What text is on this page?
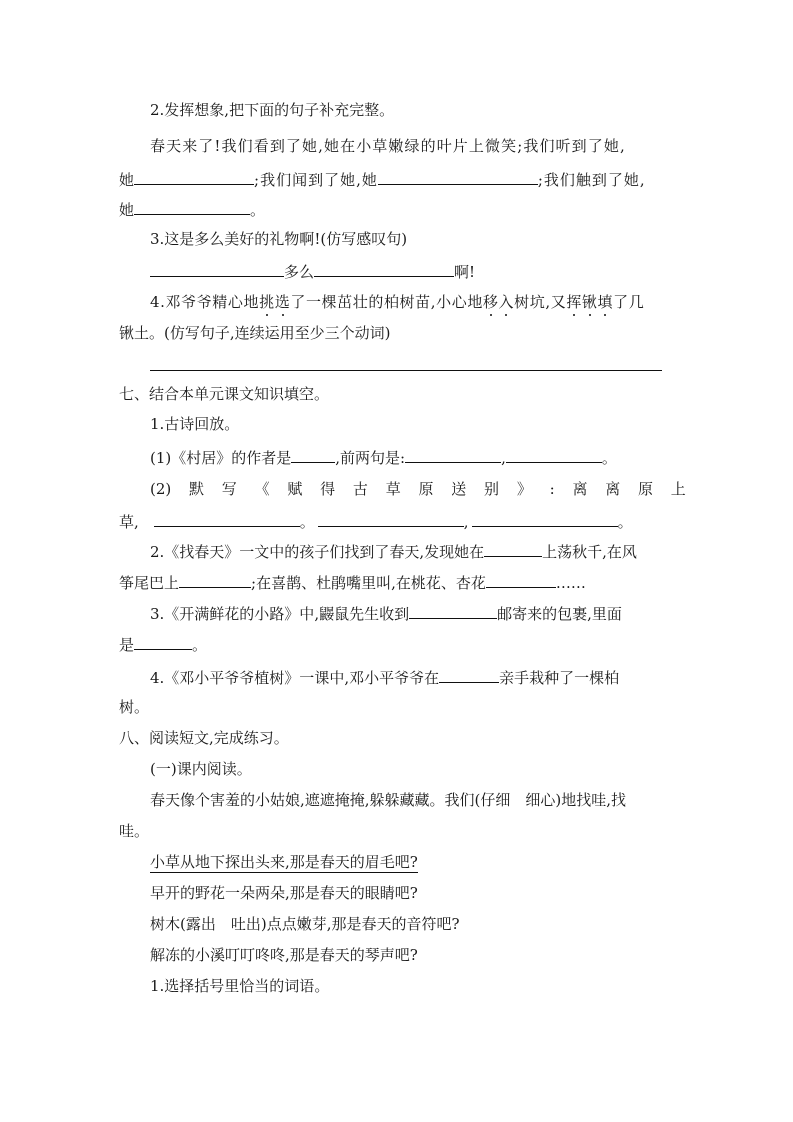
2.发挥想象,把下面的句子补充完整。
春天来了!我们看到了她,她在小草嫩绿的叶片上微笑;我们听到了她,
她	;我们闻到了她,她	;我们触到了她,
她	。
3.这是多么美好的礼物啊!(仿写感叹句)
多么	啊!
4.邓爷爷精心地挑选了一棵茁壮的柏树苗,小心地移入树坑,又挥锹填了几
锹土。(仿写句子,连续运用至少三个动词)
七、结合本单元课文知识填空。
1.古诗回放。
(1)《村居》的作者是	,前两句是:	,	。
(2) 默 写 《 赋 得 古 草 原 送 别 》 : 离 离 原 上
草,	。	,	。
2.《找春天》一文中的孩子们找到了春天,发现她在	上荡秋千,在风
筝尾巴上	;在喜鹊、杜鹃嘴里叫,在桃花、杏花	……
3.《开满鲜花的小路》中,鼹鼠先生收到	邮寄来的包裹,里面
是	。
4.《邓小平爷爷植树》一课中,邓小平爷爷在	亲手栽种了一棵柏
树。
八、阅读短文,完成练习。
(一)课内阅读。
春天像个害羞的小姑娘,遮遮掩掩,躲躲藏藏。我们(仔细　细心)地找哇,找
哇。
小草从地下探出头来,那是春天的眉毛吧?
早开的野花一朵两朵,那是春天的眼睛吧?
树木(露出　吐出)点点嫩芽,那是春天的音符吧?
解冻的小溪叮叮咚咚,那是春天的琴声吧?
1.选择括号里恰当的词语。
